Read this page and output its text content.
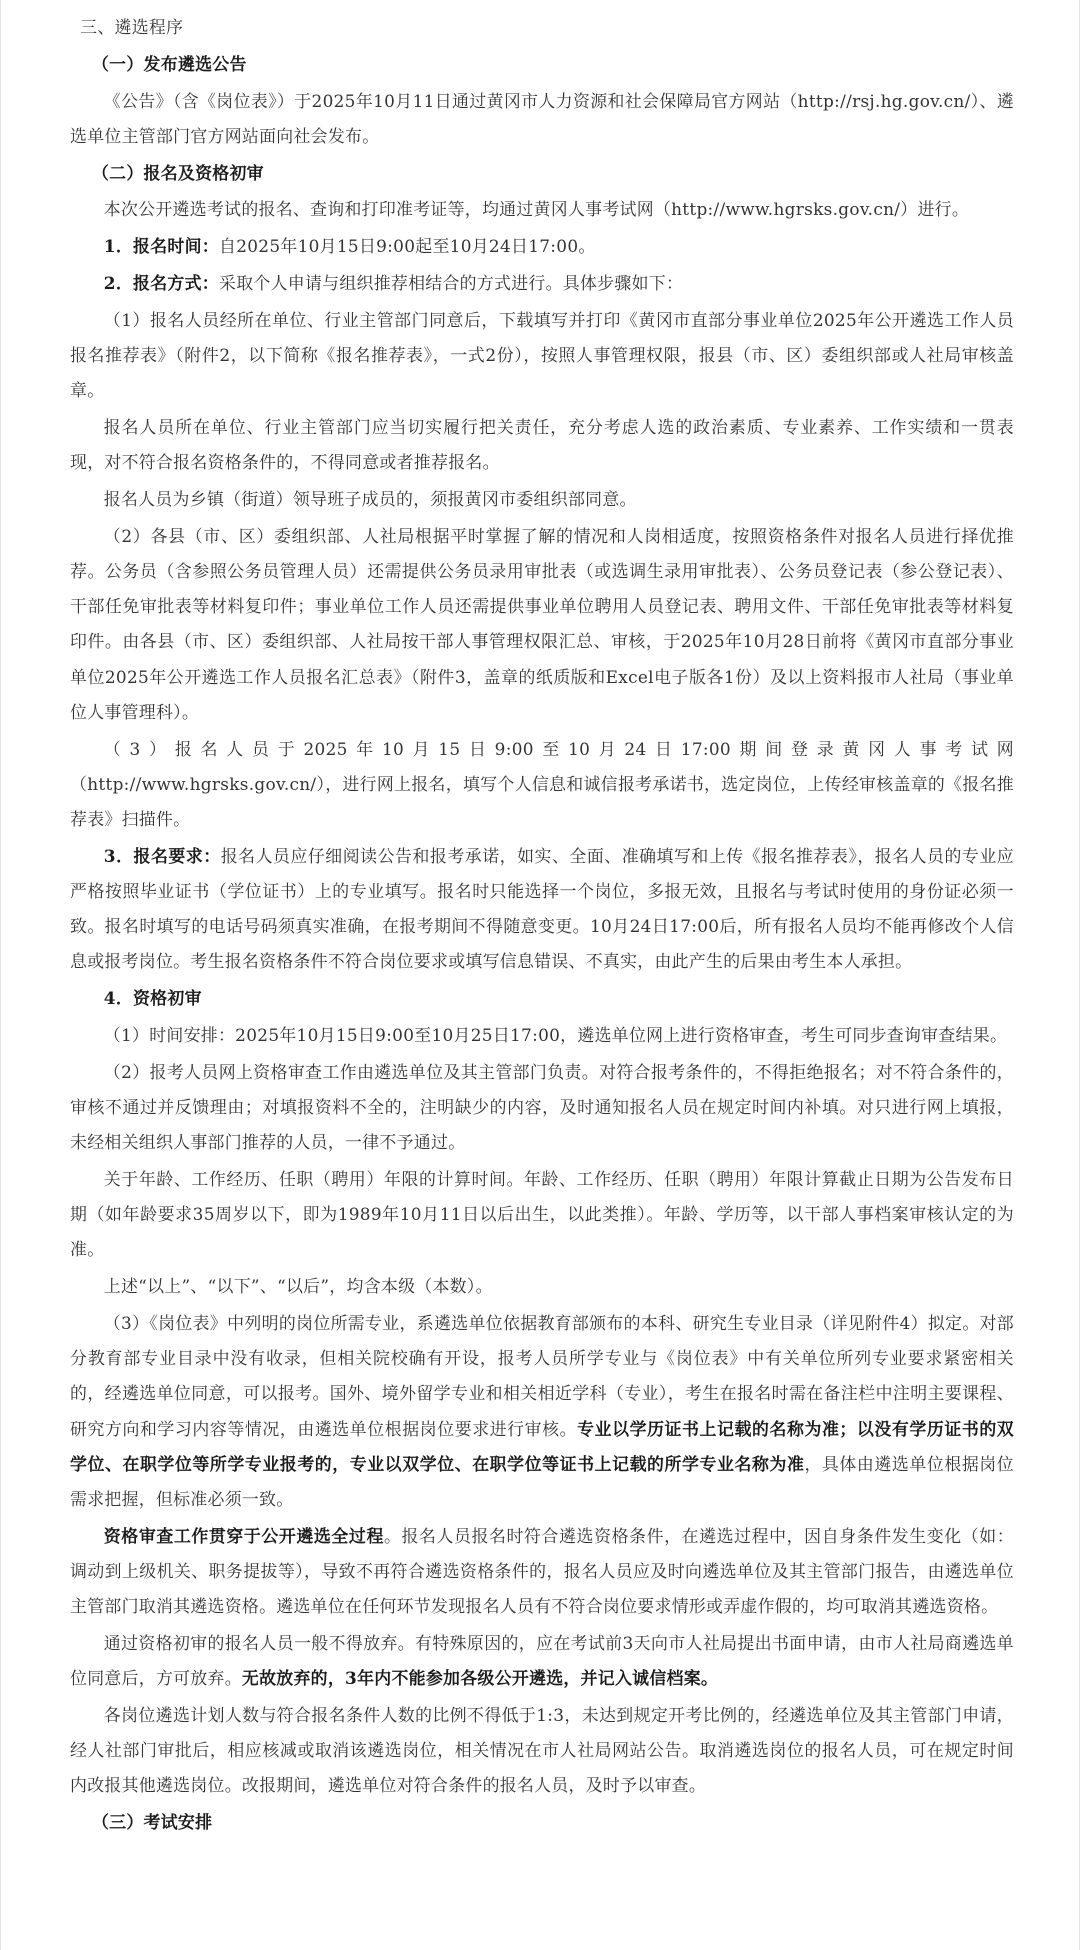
三、遴选程序

（一）发布遴选公告

《公告》（含《岗位表》）于2025年10月11日通过黄冈市人力资源和社会保障局官方网站（http://rsj.hg.gov.cn/）、遴选单位主管部门官方网站面向社会发布。

（二）报名及资格初审

本次公开遴选考试的报名、查询和打印准考证等，均通过黄冈人事考试网（http://www.hgrsks.gov.cn/）进行。

1．报名时间：自2025年10月15日9:00起至10月24日17:00。

2．报名方式：采取个人申请与组织推荐相结合的方式进行。具体步骤如下：

（1）报名人员经所在单位、行业主管部门同意后，下载填写并打印《黄冈市直部分事业单位2025年公开遴选工作人员报名推荐表》（附件2，以下简称《报名推荐表》，一式2份），按照人事管理权限，报县（市、区）委组织部或人社局审核盖章。

报名人员所在单位、行业主管部门应当切实履行把关责任，充分考虑人选的政治素质、专业素养、工作实绩和一贯表现，对不符合报名资格条件的，不得同意或者推荐报名。

报名人员为乡镇（街道）领导班子成员的，须报黄冈市委组织部同意。

（2）各县（市、区）委组织部、人社局根据平时掌握了解的情况和人岗相适度，按照资格条件对报名人员进行择优推荐。公务员（含参照公务员管理人员）还需提供公务员录用审批表（或选调生录用审批表）、公务员登记表（参公登记表）、干部任免审批表等材料复印件；事业单位工作人员还需提供事业单位聘用人员登记表、聘用文件、干部任免审批表等材料复印件。由各县（市、区）委组织部、人社局按干部人事管理权限汇总、审核，于2025年10月28日前将《黄冈市直部分事业单位2025年公开遴选工作人员报名汇总表》（附件3，盖章的纸质版和Excel电子版各1份）及以上资料报市人社局（事业单位人事管理科）。

（3）报名人员于2025年10月15日9:00至10月24日17:00期间登录黄冈人事考试网（http://www.hgrsks.gov.cn/），进行网上报名，填写个人信息和诚信报考承诺书，选定岗位，上传经审核盖章的《报名推荐表》扫描件。

3．报名要求：报名人员应仔细阅读公告和报考承诺，如实、全面、准确填写和上传《报名推荐表》，报名人员的专业应严格按照毕业证书（学位证书）上的专业填写。报名时只能选择一个岗位，多报无效，且报名与考试时使用的身份证必须一致。报名时填写的电话号码须真实准确，在报考期间不得随意变更。10月24日17:00后，所有报名人员均不能再修改个人信息或报考岗位。考生报名资格条件不符合岗位要求或填写信息错误、不真实，由此产生的后果由考生本人承担。

4．资格初审

（1）时间安排：2025年10月15日9:00至10月25日17:00，遴选单位网上进行资格审查，考生可同步查询审查结果。

（2）报考人员网上资格审查工作由遴选单位及其主管部门负责。对符合报考条件的，不得拒绝报名；对不符合条件的，审核不通过并反馈理由；对填报资料不全的，注明缺少的内容，及时通知报名人员在规定时间内补填。对只进行网上填报，未经相关组织人事部门推荐的人员，一律不予通过。

关于年龄、工作经历、任职（聘用）年限的计算时间。年龄、工作经历、任职（聘用）年限计算截止日期为公告发布日期（如年龄要求35周岁以下，即为1989年10月11日以后出生，以此类推）。年龄、学历等，以干部人事档案审核认定的为准。

上述“以上”、“以下”、“以后”，均含本级（本数）。

（3）《岗位表》中列明的岗位所需专业，系遴选单位依据教育部颁布的本科、研究生专业目录（详见附件4）拟定。对部分教育部专业目录中没有收录，但相关院校确有开设，报考人员所学专业与《岗位表》中有关单位所列专业要求紧密相关的，经遴选单位同意，可以报考。国外、境外留学专业和相关相近学科（专业），考生在报名时需在备注栏中注明主要课程、研究方向和学习内容等情况，由遴选单位根据岗位要求进行审核。专业以学历证书上记载的名称为准；以没有学历证书的双学位、在职学位等所学专业报考的，专业以双学位、在职学位等证书上记载的所学专业名称为准，具体由遴选单位根据岗位需求把握，但标准必须一致。

资格审查工作贯穿于公开遴选全过程。报名人员报名时符合遴选资格条件，在遴选过程中，因自身条件发生变化（如：调动到上级机关、职务提拔等），导致不再符合遴选资格条件的，报名人员应及时向遴选单位及其主管部门报告，由遴选单位主管部门取消其遴选资格。遴选单位在任何环节发现报名人员有不符合岗位要求情形或弄虚作假的，均可取消其遴选资格。

通过资格初审的报名人员一般不得放弃。有特殊原因的，应在考试前3天向市人社局提出书面申请，由市人社局商遴选单位同意后，方可放弃。无故放弃的，3年内不能参加各级公开遴选，并记入诚信档案。

各岗位遴选计划人数与符合报名条件人数的比例不得低于1:3，未达到规定开考比例的，经遴选单位及其主管部门申请，经人社部门审批后，相应核减或取消该遴选岗位，相关情况在市人社局网站公告。取消遴选岗位的报名人员，可在规定时间内改报其他遴选岗位。改报期间，遴选单位对符合条件的报名人员，及时予以审查。

（三）考试安排
